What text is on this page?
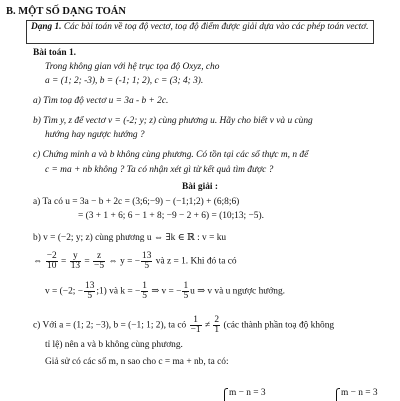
B. MỘT SỐ DẠNG TOÁN
Dạng 1. Các bài toán về toạ độ vectơ, toạ độ điểm được giải dựa vào các phép toán vectơ.
Bài toán 1.
Trong không gian với hệ trục tọa độ Oxyz, cho
a = (1; 2; -3), b = (-1; 1; 2), c = (3; 4; 3).
a) Tìm toạ độ vectơ u = 3a - b + 2c.
b) Tìm y, z để vectơ v = (-2; y; z) cùng phương u. Hãy cho biết v và u cùng
hướng hay ngược hướng ?
c) Chứng minh a và b không cùng phương. Có tồn tại các số thực m, n để
c = ma + nb không ? Ta có nhận xét gì từ kết quả tìm được ?
Bài giải :
a) Ta có u = 3a − b + 2c = (3;6;−9) − (−1;1;2) + (6;8;6)
= (3 + 1 + 6; 6 − 1 + 8; −9 − 2 + 6) = (10;13; −5).
b) v = (−2; y; z) cùng phương u ⇔ ∃k ∈ ℝ : v = ku
⇔ $\frac{-2}{10} = \frac{y}{13} = \frac{z}{-5}$ ⇔ y = − $\frac{13}{5}$ và z = 1. Khi đó ta có
v = (−2; − $\frac{13}{5}$ ;1) và k = − $\frac{1}{5}$ ⇒ v = − $\frac{1}{5}$ u ⇒ v và u ngược hướng.
c) Với a = (1; 2; −3), b = (−1; 1; 2), ta có $\frac{1}{-1} \ne \frac{2}{1}$ (các thành phần toạ độ không
tỉ lệ) nên a và b không cùng phương.
Giả sử có các số m, n sao cho c = ma + nb, ta có:
m − n = 3	m − n = 3
